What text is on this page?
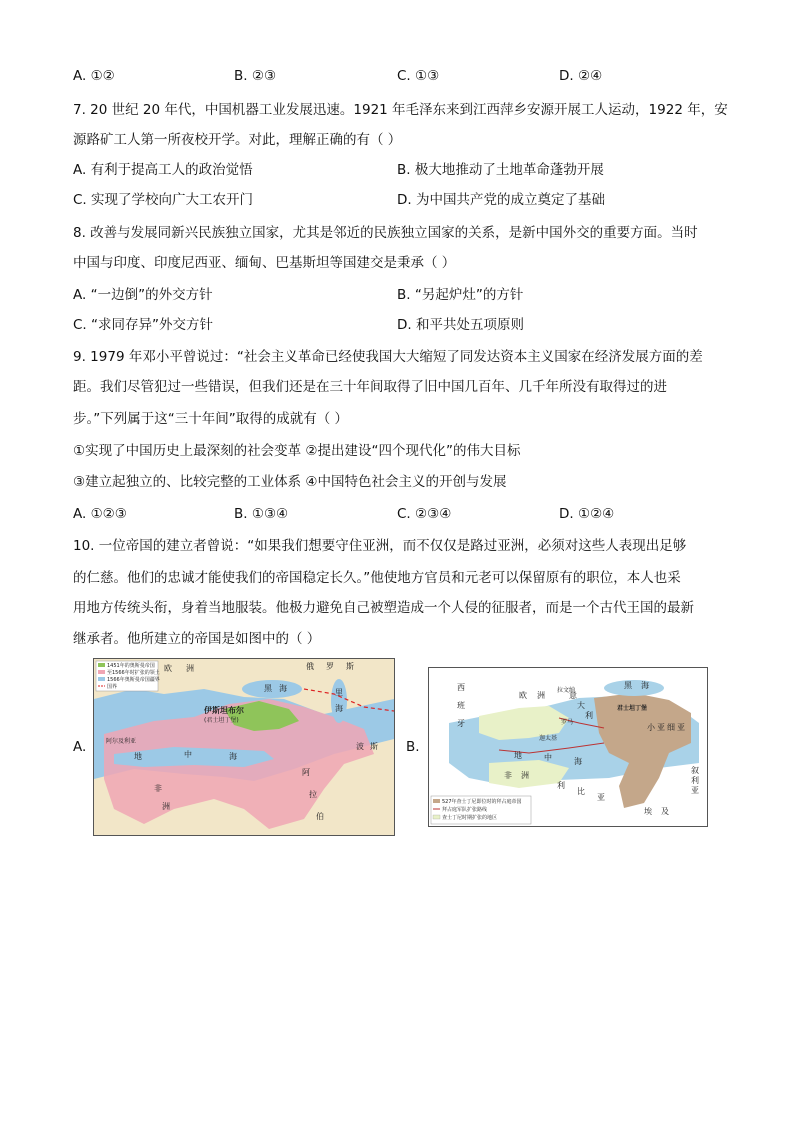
A. ①②	B. ②③	C. ①③	D. ②④
7. 20 世纪 20 年代，中国机器工业发展迅速。1921 年毛泽东来到江西萍乡安源开展工人运动，1922 年，安
源路矿工人第一所夜校开学。对此，理解正确的有（ ）
A. 有利于提高工人的政治觉悟	B. 极大地推动了土地革命蓬勃开展
C. 实现了学校向广大工农开门	D. 为中国共产党的成立奠定了基础
8. 改善与发展同新兴民族独立国家，尤其是邻近的民族独立国家的关系，是新中国外交的重要方面。当时
中国与印度、印度尼西亚、缅甸、巴基斯坦等国建交是秉承（ ）
A. “一边倒”的外交方针	B. “另起炉灶”的方针
C. “求同存异”外交方针	D. 和平共处五项原则
9. 1979 年邓小平曾说过：“社会主义革命已经使我国大大缩短了同发达资本主义国家在经济发展方面的差
距。我们尽管犯过一些错误，但我们还是在三十年间取得了旧中国几百年、几千年所没有取得过的进
步。”下列属于这“三十年间”取得的成就有（ ）
①实现了中国历史上最深刻的社会变革 ②提出建设“四个现代化”的伟大目标
③建立起独立的、比较完整的工业体系 ④中国特色社会主义的开创与发展
A. ①②③	B. ①③④	C. ②③④	D. ①②④
10. 一位帝国的建立者曾说：“如果我们想要守住亚洲，而不仅仅是路过亚洲，必须对这些人表现出足够
的仁慈。他们的忠诚才能使我们的帝国稳定长久。”他使地方官员和元老可以保留原有的职位，本人也采
用地方传统头衔，身着当地服装。他极力避免自己被塑造成一个人侵的征服者，而是一个古代王国的最新
继承者。他所建立的帝国是如图中的（ ）
A.
1451年的奥斯曼帝国
至1566年时扩张的领土
1566年奥斯曼帝国疆界
国界
俄 罗 斯
欧 洲
伊斯坦布尔
(君士坦丁堡)
阿尔及利亚
黑 海	里
海
地	中	海
非
洲
阿
拉
伯
波 斯 B.
527年查士丁尼即位时的拜占庭帝国
拜占庭军队扩张路线
查士丁尼时期扩张的地区
西
班
牙
欧 洲
拉文纳
罗马
君士坦丁堡
黑 海
意
大
利
迦太基
小 亚 细 亚
非 洲
利
比
亚
埃 及
叙
利
亚
地	中	海
